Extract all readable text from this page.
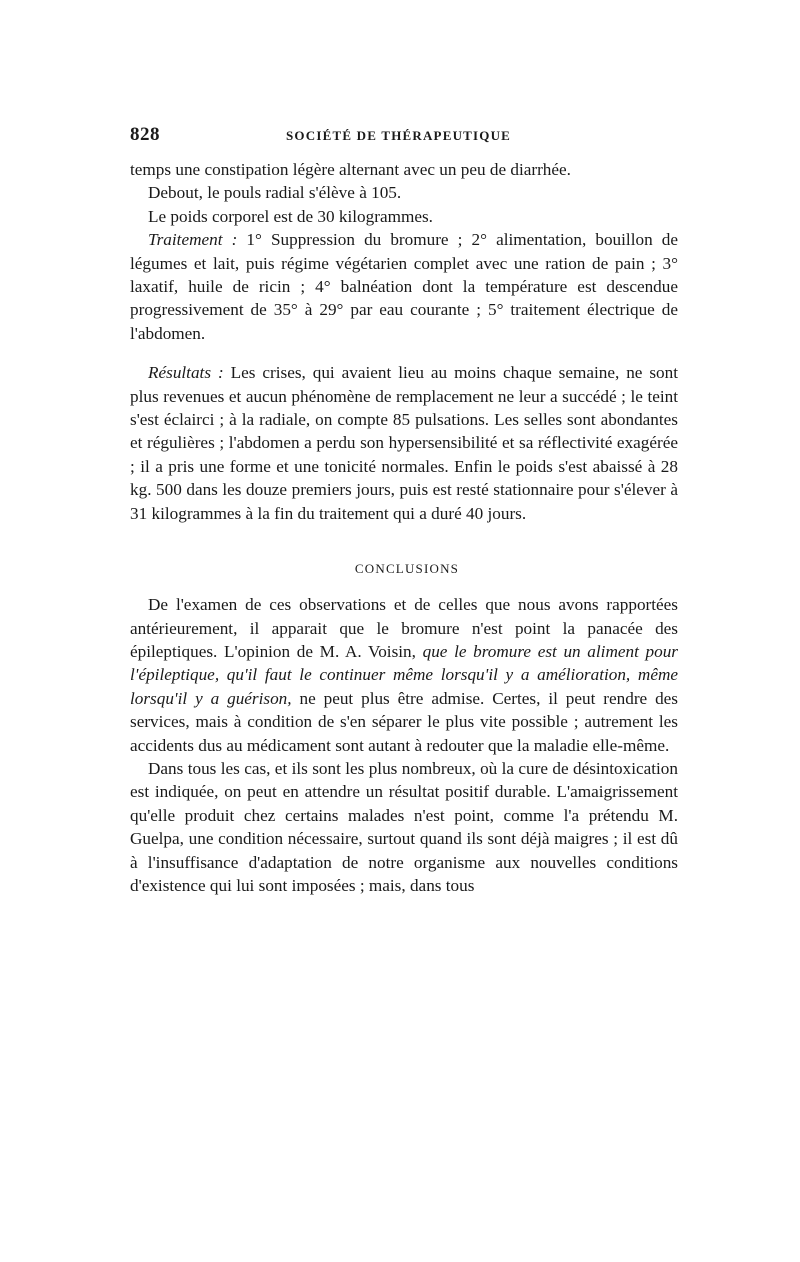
828	SOCIÉTÉ DE THÉRAPEUTIQUE

temps une constipation légère alternant avec un peu de diarrhée.

Debout, le pouls radial s'élève à 105.

Le poids corporel est de 30 kilogrammes.

Traitement : 1° Suppression du bromure ; 2° alimentation, bouillon de légumes et lait, puis régime végétarien complet avec une ration de pain ; 3° laxatif, huile de ricin ; 4° balnéation dont la température est descendue progressivement de 35° à 29° par eau courante ; 5° traitement électrique de l'abdomen.

Résultats : Les crises, qui avaient lieu au moins chaque semaine, ne sont plus revenues et aucun phénomène de remplacement ne leur a succédé ; le teint s'est éclairci ; à la radiale, on compte 85 pulsations. Les selles sont abondantes et régulières ; l'abdomen a perdu son hypersensibilité et sa réflectivité exagérée ; il a pris une forme et une tonicité normales. Enfin le poids s'est abaissé à 28 kg. 500 dans les douze premiers jours, puis est resté stationnaire pour s'élever à 31 kilogrammes à la fin du traitement qui a duré 40 jours.

CONCLUSIONS

De l'examen de ces observations et de celles que nous avons rapportées antérieurement, il apparait que le bromure n'est point la panacée des épileptiques. L'opinion de M. A. Voisin, que le bromure est un aliment pour l'épileptique, qu'il faut le continuer même lorsqu'il y a amélioration, même lorsqu'il y a guérison, ne peut plus être admise. Certes, il peut rendre des services, mais à condition de s'en séparer le plus vite possible ; autrement les accidents dus au médicament sont autant à redouter que la maladie elle-même.

Dans tous les cas, et ils sont les plus nombreux, où la cure de désintoxication est indiquée, on peut en attendre un résultat positif durable. L'amaigrissement qu'elle produit chez certains malades n'est point, comme l'a prétendu M. Guelpa, une condition nécessaire, surtout quand ils sont déjà maigres ; il est dû à l'insuffisance d'adaptation de notre organisme aux nouvelles conditions d'existence qui lui sont imposées ; mais, dans tous
